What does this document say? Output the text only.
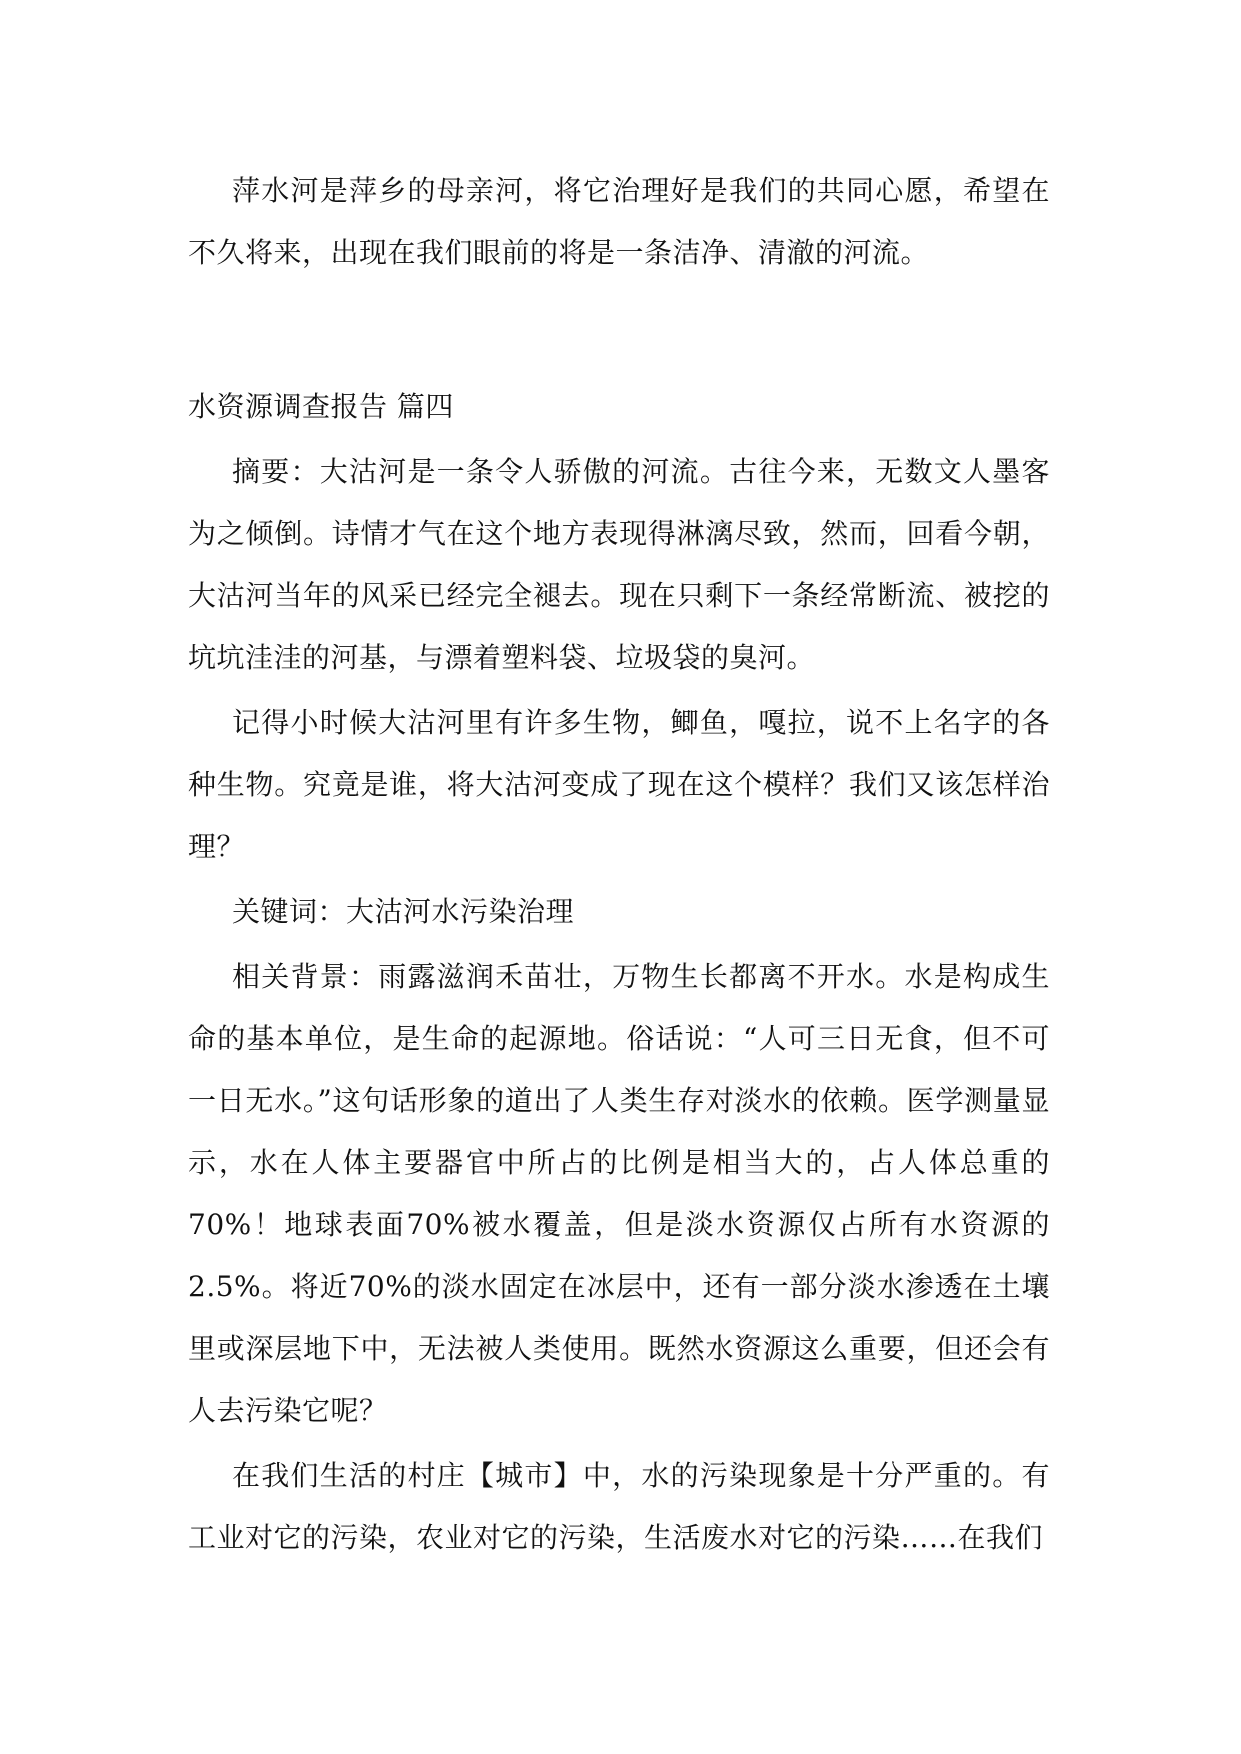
萍水河是萍乡的母亲河，将它治理好是我们的共同心愿，希望在不久将来，出现在我们眼前的将是一条洁净、清澈的河流。

水资源调查报告 篇四

摘要：大沽河是一条令人骄傲的河流。古往今来，无数文人墨客为之倾倒。诗情才气在这个地方表现得淋漓尽致，然而，回看今朝，大沽河当年的风采已经完全褪去。现在只剩下一条经常断流、被挖的坑坑洼洼的河基，与漂着塑料袋、垃圾袋的臭河。

记得小时候大沽河里有许多生物，鲫鱼，嘎拉，说不上名字的各种生物。究竟是谁，将大沽河变成了现在这个模样？我们又该怎样治理？

关键词：大沽河水污染治理

相关背景：雨露滋润禾苗壮，万物生长都离不开水。水是构成生命的基本单位，是生命的起源地。俗话说：“人可三日无食，但不可一日无水。”这句话形象的道出了人类生存对淡水的依赖。医学测量显示，水在人体主要器官中所占的比例是相当大的，占人体总重的70%！地球表面70%被水覆盖，但是淡水资源仅占所有水资源的2.5%。将近70%的淡水固定在冰层中，还有一部分淡水渗透在土壤里或深层地下中，无法被人类使用。既然水资源这么重要，但还会有人去污染它呢？

在我们生活的村庄【城市】中，水的污染现象是十分严重的。有工业对它的污染，农业对它的污染，生活废水对它的污染……在我们
